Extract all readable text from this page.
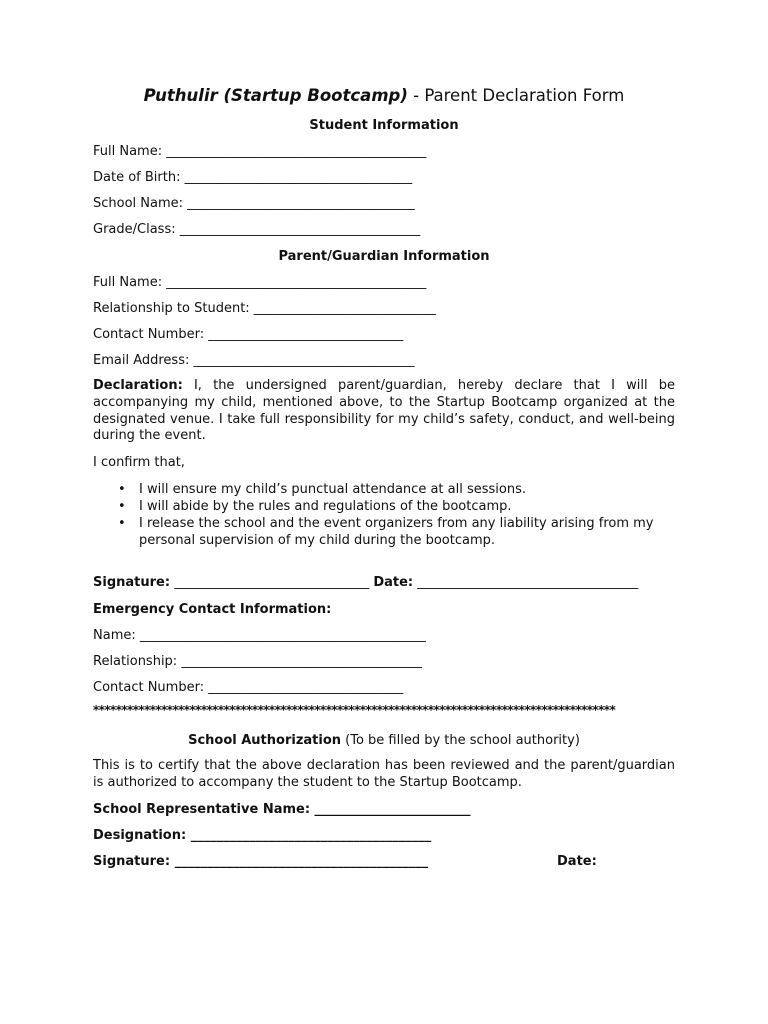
Puthulir (Startup Bootcamp) - Parent Declaration Form
Student Information
Full Name: ________________________________________
Date of Birth: ___________________________________
School Name: ___________________________________
Grade/Class: _____________________________________
Parent/Guardian Information
Full Name: ________________________________________
Relationship to Student: ____________________________
Contact Number: ______________________________
Email Address: __________________________________
Declaration: I, the undersigned parent/guardian, hereby declare that I will be accompanying my child, mentioned above, to the Startup Bootcamp organized at the designated venue. I take full responsibility for my child’s safety, conduct, and well-being during the event.
I confirm that,
• I will ensure my child’s punctual attendance at all sessions.
• I will abide by the rules and regulations of the bootcamp.
• I release the school and the event organizers from any liability arising from my personal supervision of my child during the bootcamp.
Signature: ______________________________ Date: __________________________________
Emergency Contact Information:
Name: ____________________________________________
Relationship: _____________________________________
Contact Number: ______________________________
********************************************************************************************
School Authorization (To be filled by the school authority)
This is to certify that the above declaration has been reviewed and the parent/guardian is authorized to accompany the student to the Startup Bootcamp.
School Representative Name: ________________________
Designation: _____________________________________
Signature: _______________________________________	Date:
